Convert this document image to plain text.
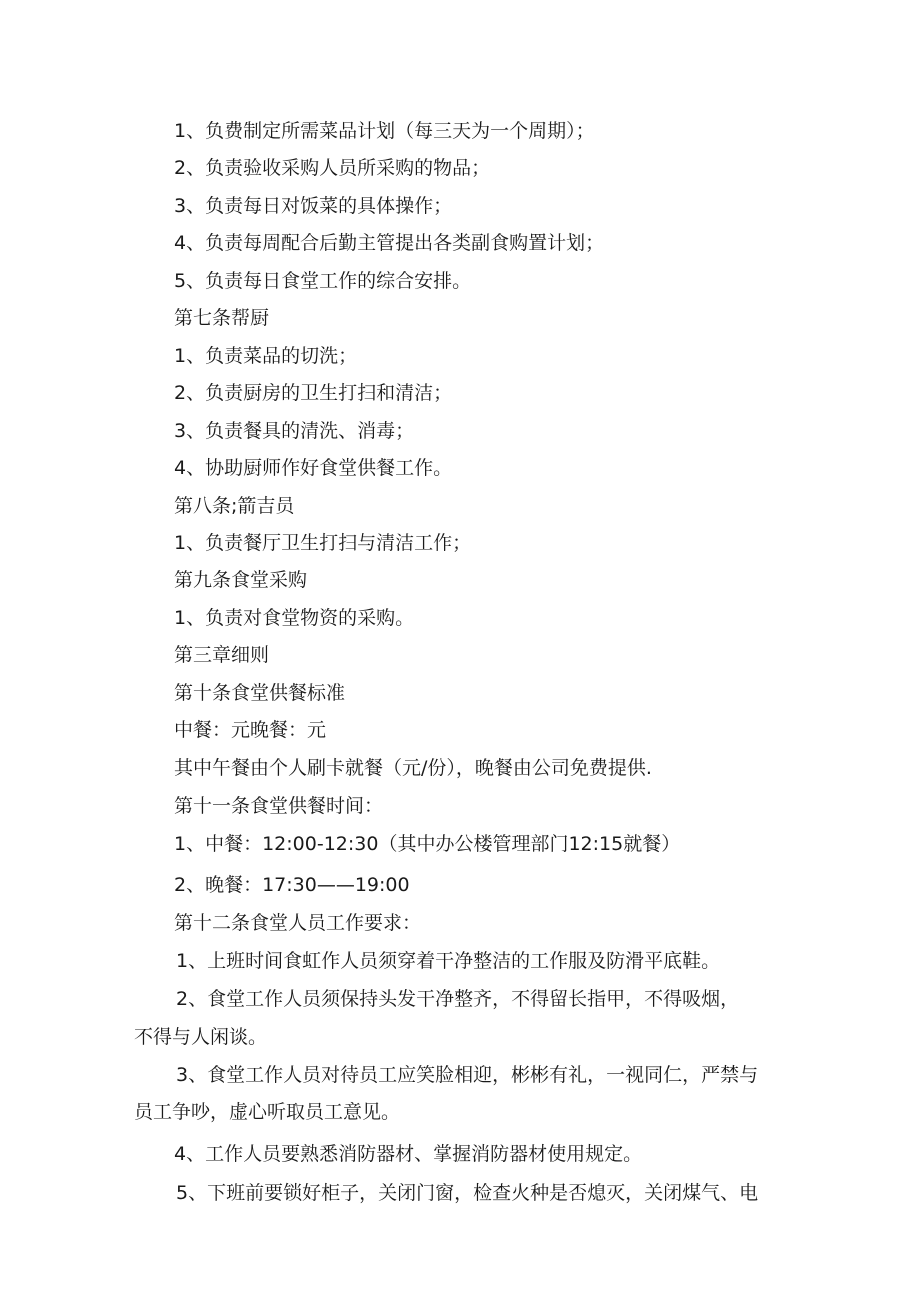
1、负费制定所需菜品计划（每三天为一个周期）；
2、负责验收采购人员所采购的物品；
3、负责每日对饭菜的具体操作；
4、负责每周配合后勤主管提出各类副食购置计划；
5、负责每日食堂工作的综合安排。
第七条帮厨
1、负责菜品的切洗；
2、负责厨房的卫生打扫和清洁；
3、负责餐具的清洗、消毒；
4、协助厨师作好食堂供餐工作。
第八条;箭吉员
1、负责餐厅卫生打扫与清洁工作；
第九条食堂采购
1、负责对食堂物资的采购。
第三章细则
第十条食堂供餐标准
中餐：元晚餐：元
其中午餐由个人刷卡就餐（元/份），晚餐由公司免费提供.
第十一条食堂供餐时间：
1、中餐：12:00-12:30（其中办公楼管理部门12:15就餐）
2、晚餐：17:30——19:00
第十二条食堂人员工作要求：
1、上班时间食虹作人员须穿着干净整洁的工作服及防滑平底鞋。
2、食堂工作人员须保持头发干净整齐，不得留长指甲，不得吸烟，
不得与人闲谈。
3、食堂工作人员对待员工应笑脸相迎，彬彬有礼，一视同仁，严禁与
员工争吵，虚心听取员工意见。
4、工作人员要熟悉消防器材、掌握消防器材使用规定。
5、下班前要锁好柜子，关闭门窗，检查火种是否熄灭，关闭煤气、电
